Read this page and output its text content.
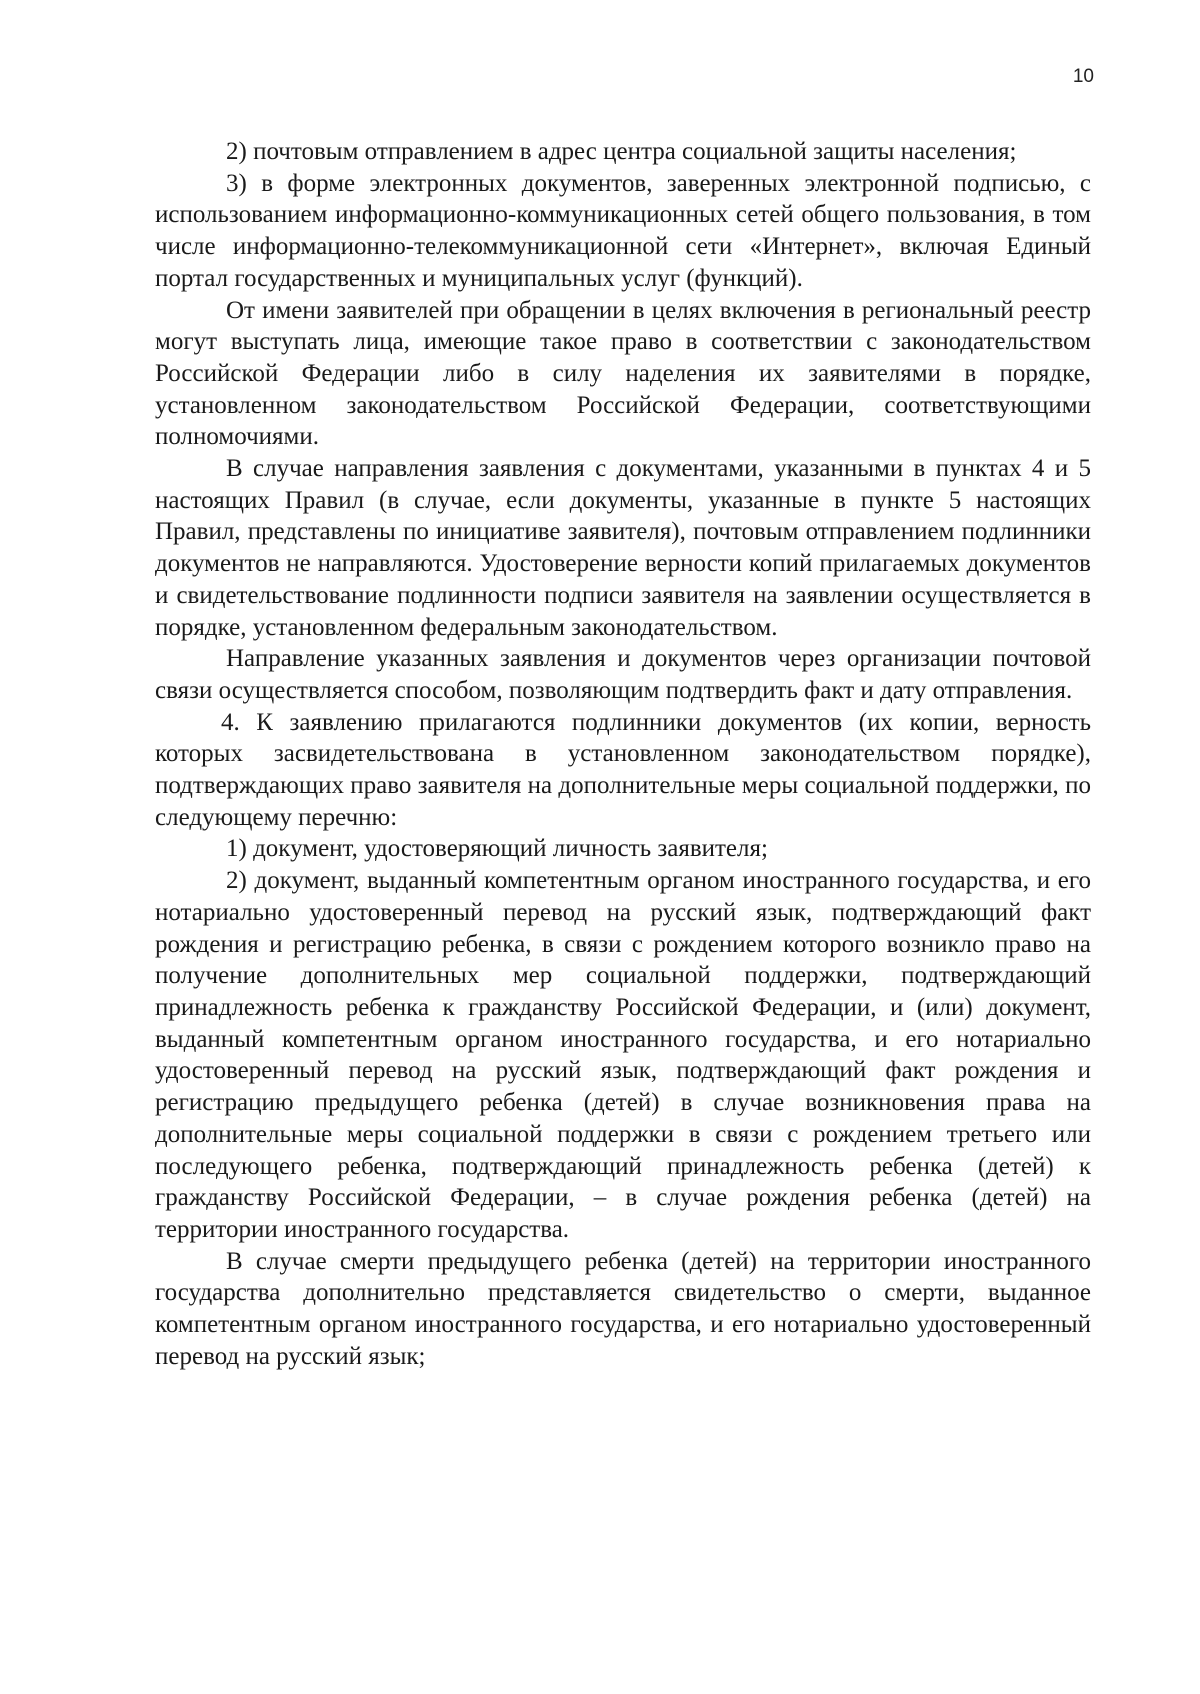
10

2) почтовым отправлением в адрес центра социальной защиты населения;

3) в форме электронных документов, заверенных электронной подписью, с использованием информационно-коммуникационных сетей общего пользования, в том числе информационно-телекоммуникационной сети «Интернет», включая Единый портал государственных и муниципальных услуг (функций).

От имени заявителей при обращении в целях включения в региональный реестр могут выступать лица, имеющие такое право в соответствии с законодательством Российской Федерации либо в силу наделения их заявителями в порядке, установленном законодательством Российской Федерации, соответствующими полномочиями.

В случае направления заявления с документами, указанными в пунктах 4 и 5 настоящих Правил (в случае, если документы, указанные в пункте 5 настоящих Правил, представлены по инициативе заявителя), почтовым отправлением подлинники документов не направляются. Удостоверение верности копий прилагаемых документов и свидетельствование подлинности подписи заявителя на заявлении осуществляется в порядке, установленном федеральным законодательством.

Направление указанных заявления и документов через организации почтовой связи осуществляется способом, позволяющим подтвердить факт и дату отправления.

4. К заявлению прилагаются подлинники документов (их копии, верность которых засвидетельствована в установленном законодательством порядке), подтверждающих право заявителя на дополнительные меры социальной поддержки, по следующему перечню:

1) документ, удостоверяющий личность заявителя;

2) документ, выданный компетентным органом иностранного государства, и его нотариально удостоверенный перевод на русский язык, подтверждающий факт рождения и регистрацию ребенка, в связи с рождением которого возникло право на получение дополнительных мер социальной поддержки, подтверждающий принадлежность ребенка к гражданству Российской Федерации, и (или) документ, выданный компетентным органом иностранного государства, и его нотариально удостоверенный перевод на русский язык, подтверждающий факт рождения и регистрацию предыдущего ребенка (детей) в случае возникновения права на дополнительные меры социальной поддержки в связи с рождением третьего или последующего ребенка, подтверждающий принадлежность ребенка (детей) к гражданству Российской Федерации, – в случае рождения ребенка (детей) на территории иностранного государства.

В случае смерти предыдущего ребенка (детей) на территории иностранного государства дополнительно представляется свидетельство о смерти, выданное компетентным органом иностранного государства, и его нотариально удостоверенный перевод на русский язык;
